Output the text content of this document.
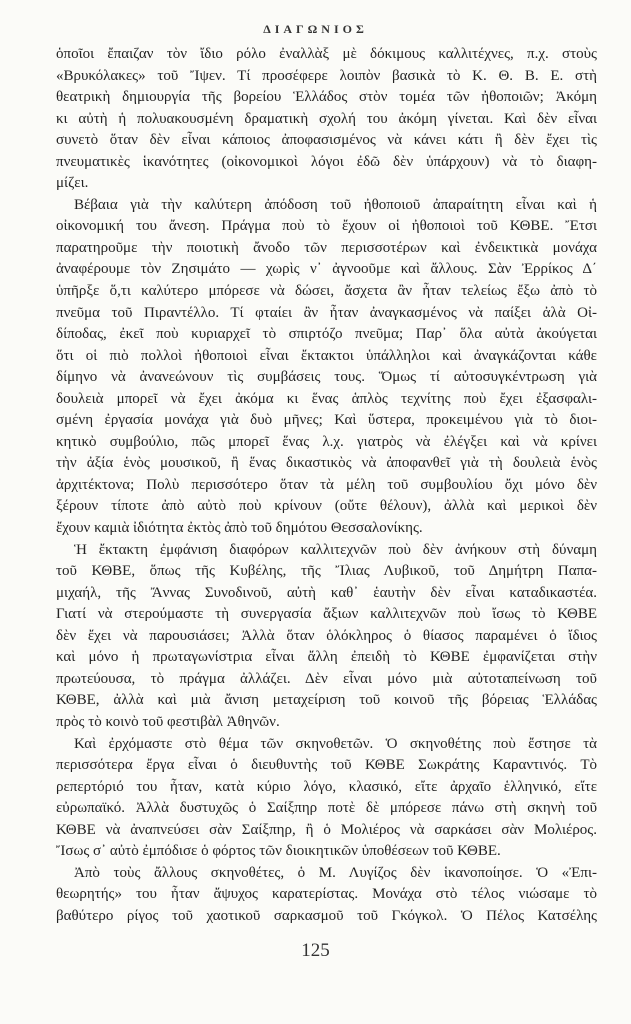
ΔΙΑΓΩΝΙΟΣ
ὁποῖοι ἔπαιζαν τὸν ἴδιο ρόλο ἐναλλὰξ μὲ δόκιμους καλλιτέχνες, π.χ. στοὺς
«Βρυκόλακες» τοῦ Ἴψεν. Τί προσέφερε λοιπὸν βασικὰ τὸ Κ. Θ. Β. Ε. στὴ
θεατρικὴ δημιουργία τῆς βορείου Ἑλλάδος στὸν τομέα τῶν ἠθοποιῶν; Ἀκόμη
κι αὐτὴ ἡ πολυακουσμένη δραματικὴ σχολή του ἀκόμη γίνεται. Καὶ δὲν εἶναι
συνετὸ ὅταν δὲν εἶναι κάποιος ἀποφασισμένος νὰ κάνει κάτι ἢ δὲν ἔχει τὶς
πνευματικὲς ἱκανότητες (οἰκονομικοὶ λόγοι ἐδῶ δὲν ὑπάρχουν) νὰ τὸ διαφη-
μίζει.
Βέβαια γιὰ τὴν καλύτερη ἀπόδοση τοῦ ἠθοποιοῦ ἀπαραίτητη εἶναι καὶ ἡ
οἰκονομική του ἄνεση. Πράγμα ποὺ τὸ ἔχουν οἱ ἠθοποιοὶ τοῦ ΚΘΒΕ. Ἔτσι
παρατηροῦμε τὴν ποιοτικὴ ἄνοδο τῶν περισσοτέρων καὶ ἐνδεικτικὰ μονάχα
ἀναφέρουμε τὸν Ζησιμάτο — χωρὶς ν᾽ ἀγνοοῦμε καὶ ἄλλους. Σὰν Ἐρρίκος Δ΄
ὑπῆρξε ὅ,τι καλύτερο μπόρεσε νὰ δώσει, ἄσχετα ἂν ἦταν τελείως ἔξω ἀπὸ τὸ
πνεῦμα τοῦ Πιραντέλλο. Τί φταίει ἂν ἦταν ἀναγκασμένος νὰ παίξει ἀλὰ Οἰ-
δίποδας, ἐκεῖ ποὺ κυριαρχεῖ τὸ σπιρτόζο πνεῦμα; Παρ᾽ ὅλα αὐτὰ ἀκούγεται
ὅτι οἱ πιὸ πολλοὶ ἠθοποιοὶ εἶναι ἔκτακτοι ὑπάλληλοι καὶ ἀναγκάζονται κάθε
δίμηνο νὰ ἀνανεώνουν τὶς συμβάσεις τους. Ὅμως τί αὐτοσυγκέντρωση γιὰ
δουλειὰ μπορεῖ νὰ ἔχει ἀκόμα κι ἕνας ἁπλὸς τεχνίτης ποὺ ἔχει ἐξασφαλι-
σμένη ἐργασία μονάχα γιὰ δυὸ μῆνες; Καὶ ὕστερα, προκειμένου γιὰ τὸ διοι-
κητικὸ συμβούλιο, πῶς μπορεῖ ἕνας λ.χ. γιατρὸς νὰ ἐλέγξει καὶ νὰ κρίνει
τὴν ἀξία ἑνὸς μουσικοῦ, ἢ ἕνας δικαστικὸς νὰ ἀποφανθεῖ γιὰ τὴ δουλειὰ ἑνὸς
ἀρχιτέκτονα; Πολὺ περισσότερο ὅταν τὰ μέλη τοῦ συμβουλίου ὄχι μόνο δὲν
ξέρουν τίποτε ἀπὸ αὐτὸ ποὺ κρίνουν (οὔτε θέλουν), ἀλλὰ καὶ μερικοὶ δὲν
ἔχουν καμιὰ ἰδιότητα ἐκτὸς ἀπὸ τοῦ δημότου Θεσσαλονίκης.
Ἡ ἔκτακτη ἐμφάνιση διαφόρων καλλιτεχνῶν ποὺ δὲν ἀνήκουν στὴ δύναμη
τοῦ ΚΘΒΕ, ὅπως τῆς Κυβέλης, τῆς Ἴλιας Λυβικοῦ, τοῦ Δημήτρη Παπα-
μιχαήλ, τῆς Ἄννας Συνοδινοῦ, αὐτὴ καθ᾽ ἑαυτὴν δὲν εἶναι καταδικαστέα.
Γιατί νὰ στερούμαστε τὴ συνεργασία ἄξιων καλλιτεχνῶν ποὺ ἴσως τὸ ΚΘΒΕ
δὲν ἔχει νὰ παρουσιάσει; Ἀλλὰ ὅταν ὁλόκληρος ὁ θίασος παραμένει ὁ ἴδιος
καὶ μόνο ἡ πρωταγωνίστρια εἶναι ἄλλη ἐπειδὴ τὸ ΚΘΒΕ ἐμφανίζεται στὴν
πρωτεύουσα, τὸ πράγμα ἀλλάζει. Δὲν εἶναι μόνο μιὰ αὐτοταπείνωση τοῦ
ΚΘΒΕ, ἀλλὰ καὶ μιὰ ἄνιση μεταχείριση τοῦ κοινοῦ τῆς βόρειας Ἑλλάδας
πρὸς τὸ κοινὸ τοῦ φεστιβὰλ Ἀθηνῶν.
Καὶ ἐρχόμαστε στὸ θέμα τῶν σκηνοθετῶν. Ὁ σκηνοθέτης ποὺ ἔστησε τὰ
περισσότερα ἔργα εἶναι ὁ διευθυντὴς τοῦ ΚΘΒΕ Σωκράτης Καραντινός. Τὸ
ρεπερτόριό του ἦταν, κατὰ κύριο λόγο, κλασικό, εἴτε ἀρχαῖο ἑλληνικό, εἴτε
εὐρωπαϊκό. Ἀλλὰ δυστυχῶς ὁ Σαίξπηρ ποτὲ δὲ μπόρεσε πάνω στὴ σκηνὴ τοῦ
ΚΘΒΕ νὰ ἀναπνεύσει σὰν Σαίξπηρ, ἢ ὁ Μολιέρος νὰ σαρκάσει σὰν Μολιέρος.
Ἴσως σ᾽ αὐτὸ ἐμπόδισε ὁ φόρτος τῶν διοικητικῶν ὑποθέσεων τοῦ ΚΘΒΕ.
Ἀπὸ τοὺς ἄλλους σκηνοθέτες, ὁ Μ. Λυγίζος δὲν ἱκανοποίησε. Ὁ «Ἐπι-
θεωρητής» του ἦταν ἄψυχος καρατερίστας. Μονάχα στὸ τέλος νιώσαμε τὸ
βαθύτερο ρίγος τοῦ χαοτικοῦ σαρκασμοῦ τοῦ Γκόγκολ. Ὁ Πέλος Κατσέλης
125
